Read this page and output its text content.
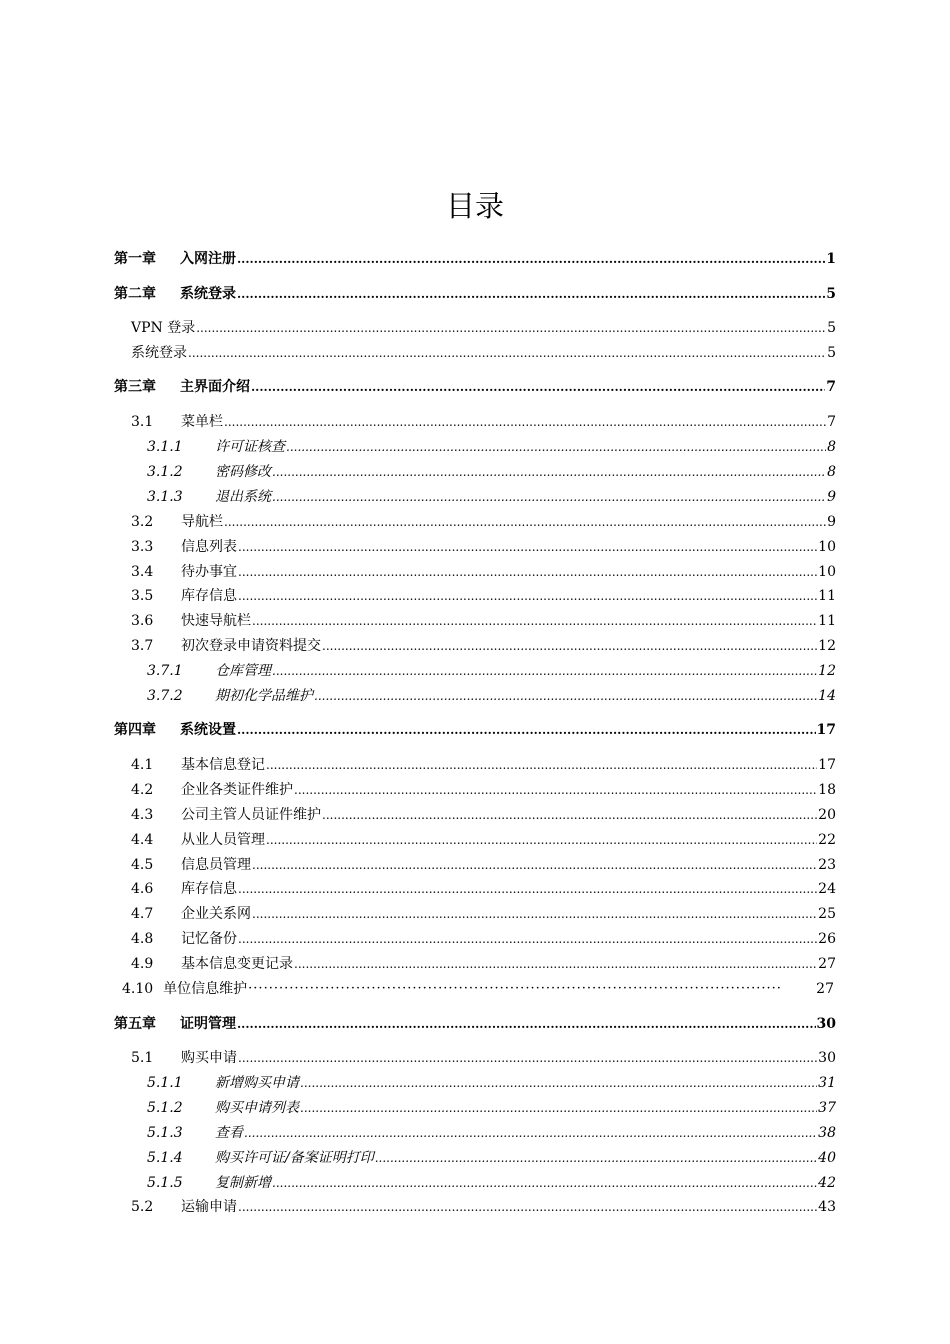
目录
第一章	入网注册 .....	1
第二章	系统登录 .....	5
VPN 登录 .....	5
系统登录 .....	5
第三章	主界面介绍 .....	7
3.1	菜单栏 .....	7
3.1.1	许可证核查 .....	8
3.1.2	密码修改 .....	8
3.1.3	退出系统 .....	9
3.2	导航栏 .....	9
3.3	信息列表 .....	10
3.4	待办事宜 .....	10
3.5	库存信息 .....	11
3.6	快速导航栏 .....	11
3.7	初次登录申请资料提交 .....	12
3.7.1	仓库管理 .....	12
3.7.2	期初化学品维护 .....	14
第四章	系统设置 .....	17
4.1	基本信息登记 .....	17
4.2	企业各类证件维护 .....	18
4.3	公司主管人员证件维护 .....	20
4.4	从业人员管理 .....	22
4.5	信息员管理 .....	23
4.6	库存信息 .....	24
4.7	企业关系网 .....	25
4.8	记忆备份 .....	26
4.9	基本信息变更记录 .....	27
4.10 单位信息维护 ·····	27
第五章	证明管理 .....	30
5.1	购买申请 .....	30
5.1.1	新增购买申请 .....	31
5.1.2	购买申请列表 .....	37
5.1.3	查看 .....	38
5.1.4	购买许可证/备案证明打印 .....	40
5.1.5	复制新增 .....	42
5.2	运输申请 .....	43
